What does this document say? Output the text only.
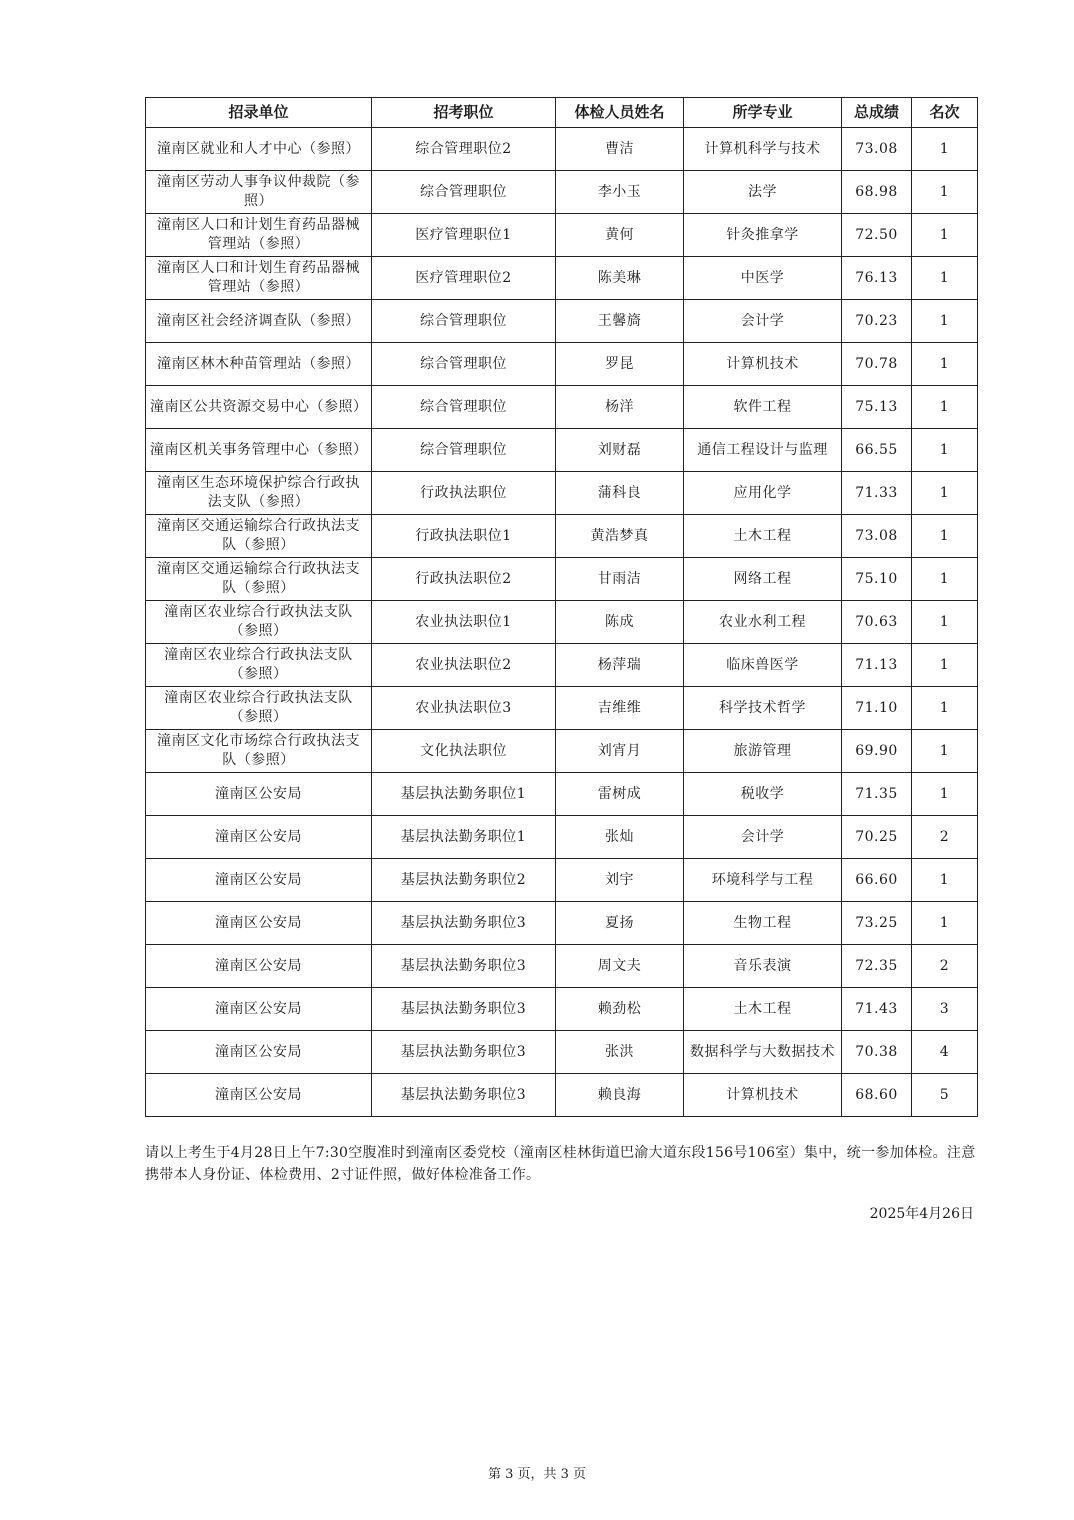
招录单位	招考职位	体检人员姓名	所学专业	总成绩	名次
潼南区就业和人才中心（参照）	综合管理职位2	曹洁	计算机科学与技术	73.08	1
潼南区劳动人事争议仲裁院（参照）	综合管理职位	李小玉	法学	68.98	1
潼南区人口和计划生育药品器械管理站（参照）	医疗管理职位1	黄何	针灸推拿学	72.50	1
潼南区人口和计划生育药品器械管理站（参照）	医疗管理职位2	陈美琳	中医学	76.13	1
潼南区社会经济调查队（参照）	综合管理职位	王馨旖	会计学	70.23	1
潼南区林木种苗管理站（参照）	综合管理职位	罗昆	计算机技术	70.78	1
潼南区公共资源交易中心（参照）	综合管理职位	杨洋	软件工程	75.13	1
潼南区机关事务管理中心（参照）	综合管理职位	刘财磊	通信工程设计与监理	66.55	1
潼南区生态环境保护综合行政执法支队（参照）	行政执法职位	蒲科良	应用化学	71.33	1
潼南区交通运输综合行政执法支队（参照）	行政执法职位1	黄浩梦真	土木工程	73.08	1
潼南区交通运输综合行政执法支队（参照）	行政执法职位2	甘雨洁	网络工程	75.10	1
潼南区农业综合行政执法支队（参照）	农业执法职位1	陈成	农业水利工程	70.63	1
潼南区农业综合行政执法支队（参照）	农业执法职位2	杨萍瑞	临床兽医学	71.13	1
潼南区农业综合行政执法支队（参照）	农业执法职位3	吉维维	科学技术哲学	71.10	1
潼南区文化市场综合行政执法支队（参照）	文化执法职位	刘宵月	旅游管理	69.90	1
潼南区公安局	基层执法勤务职位1	雷树成	税收学	71.35	1
潼南区公安局	基层执法勤务职位1	张灿	会计学	70.25	2
潼南区公安局	基层执法勤务职位2	刘宇	环境科学与工程	66.60	1
潼南区公安局	基层执法勤务职位3	夏扬	生物工程	73.25	1
潼南区公安局	基层执法勤务职位3	周文夫	音乐表演	72.35	2
潼南区公安局	基层执法勤务职位3	赖劲松	土木工程	71.43	3
潼南区公安局	基层执法勤务职位3	张洪	数据科学与大数据技术	70.38	4
潼南区公安局	基层执法勤务职位3	赖良海	计算机技术	68.60	5

请以上考生于4月28日上午7:30空腹准时到潼南区委党校（潼南区桂林街道巴渝大道东段156号106室）集中，统一参加体检。注意携带本人身份证、体检费用、2寸证件照，做好体检准备工作。

2025年4月26日

第 3 页，共 3 页
